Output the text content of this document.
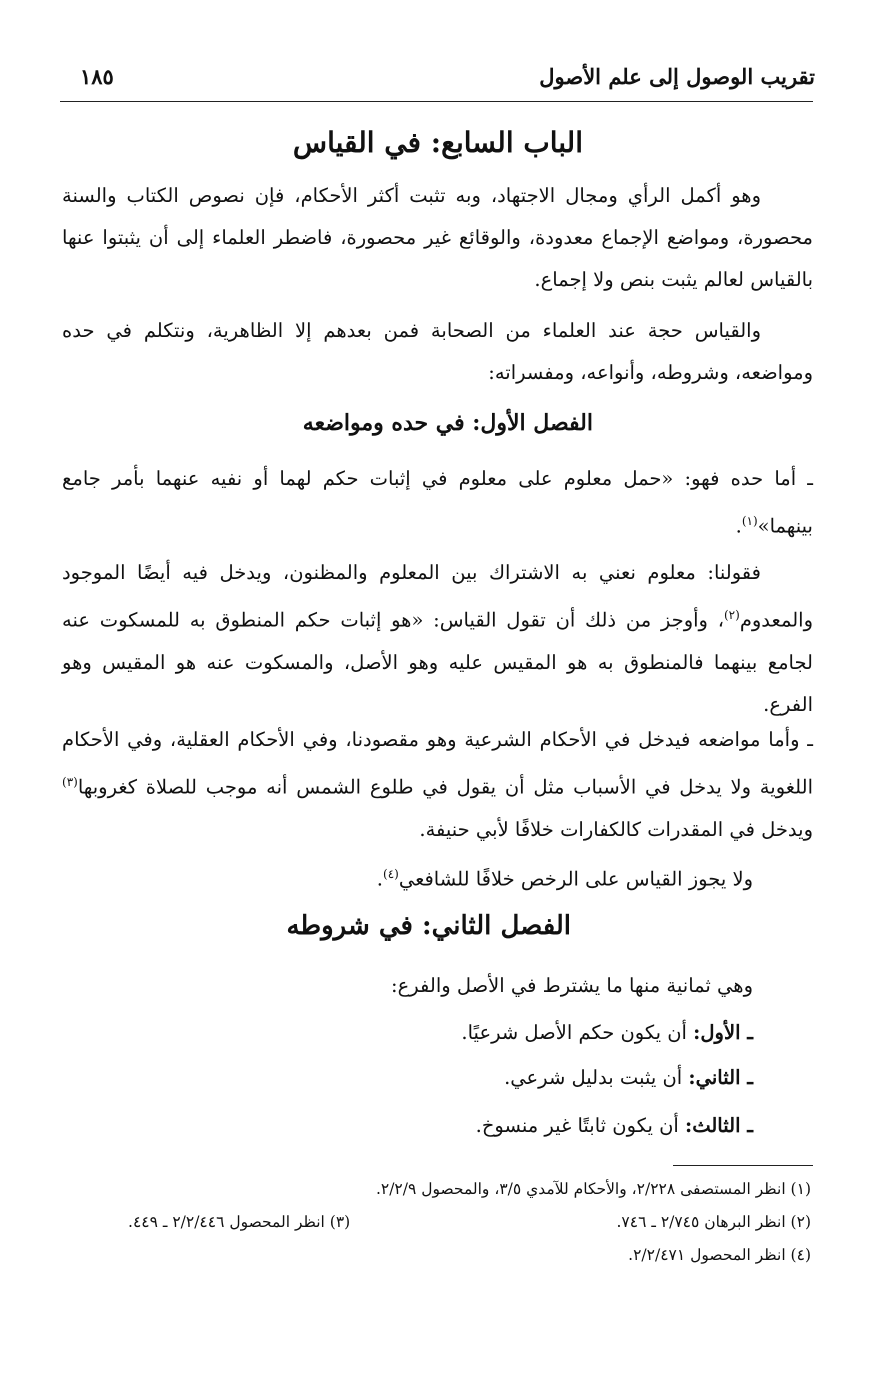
تقريب الوصول إلى علم الأصول
١٨٥
الباب السابع: في القياس
وهو أكمل الرأي ومجال الاجتهاد، وبه تثبت أكثر الأحكام، فإن نصوص الكتاب والسنة محصورة، ومواضع الإجماع معدودة، والوقائع غير محصورة، فاضطر العلماء إلى أن يثبتوا عنها بالقياس لعالم يثبت بنص ولا إجماع.
والقياس حجة عند العلماء من الصحابة فمن بعدهم إلا الظاهرية، ونتكلم في حده ومواضعه، وشروطه، وأنواعه، ومفسراته:
الفصل الأول: في حده ومواضعه
ـ أما حده فهو: «حمل معلوم على معلوم في إثبات حكم لهما أو نفيه عنهما بأمر جامع بينهما»$^{(١)}$.
فقولنا: معلوم نعني به الاشتراك بين المعلوم والمظنون، ويدخل فيه أيضًا الموجود والمعدوم$^{(٢)}$، وأوجز من ذلك أن تقول القياس: «هو إثبات حكم المنطوق به للمسكوت عنه لجامع بينهما فالمنطوق به هو المقيس عليه وهو الأصل، والمسكوت عنه هو المقيس وهو الفرع.
ـ وأما مواضعه فيدخل في الأحكام الشرعية وهو مقصودنا، وفي الأحكام العقلية، وفي الأحكام اللغوية ولا يدخل في الأسباب مثل أن يقول في طلوع الشمس أنه موجب للصلاة كغروبها$^{(٣)}$ ويدخل في المقدرات كالكفارات خلافًا لأبي حنيفة.
ولا يجوز القياس على الرخص خلافًا للشافعي$^{(٤)}$.
الفصل الثاني: في شروطه
وهي ثمانية منها ما يشترط في الأصل والفرع:
ـ الأول: أن يكون حكم الأصل شرعيًا.
ـ الثاني: أن يثبت بدليل شرعي.
ـ الثالث: أن يكون ثابتًا غير منسوخ.
(١) انظر المستصفى ٢/٢٢٨، والأحكام للآمدي ٣/٥، والمحصول ٢/٢/٩.
(٢) انظر البرهان ٢/٧٤٥ ـ ٧٤٦.
(٣) انظر المحصول ٢/٢/٤٤٦ ـ ٤٤٩.
(٤) انظر المحصول ٢/٢/٤٧١.
